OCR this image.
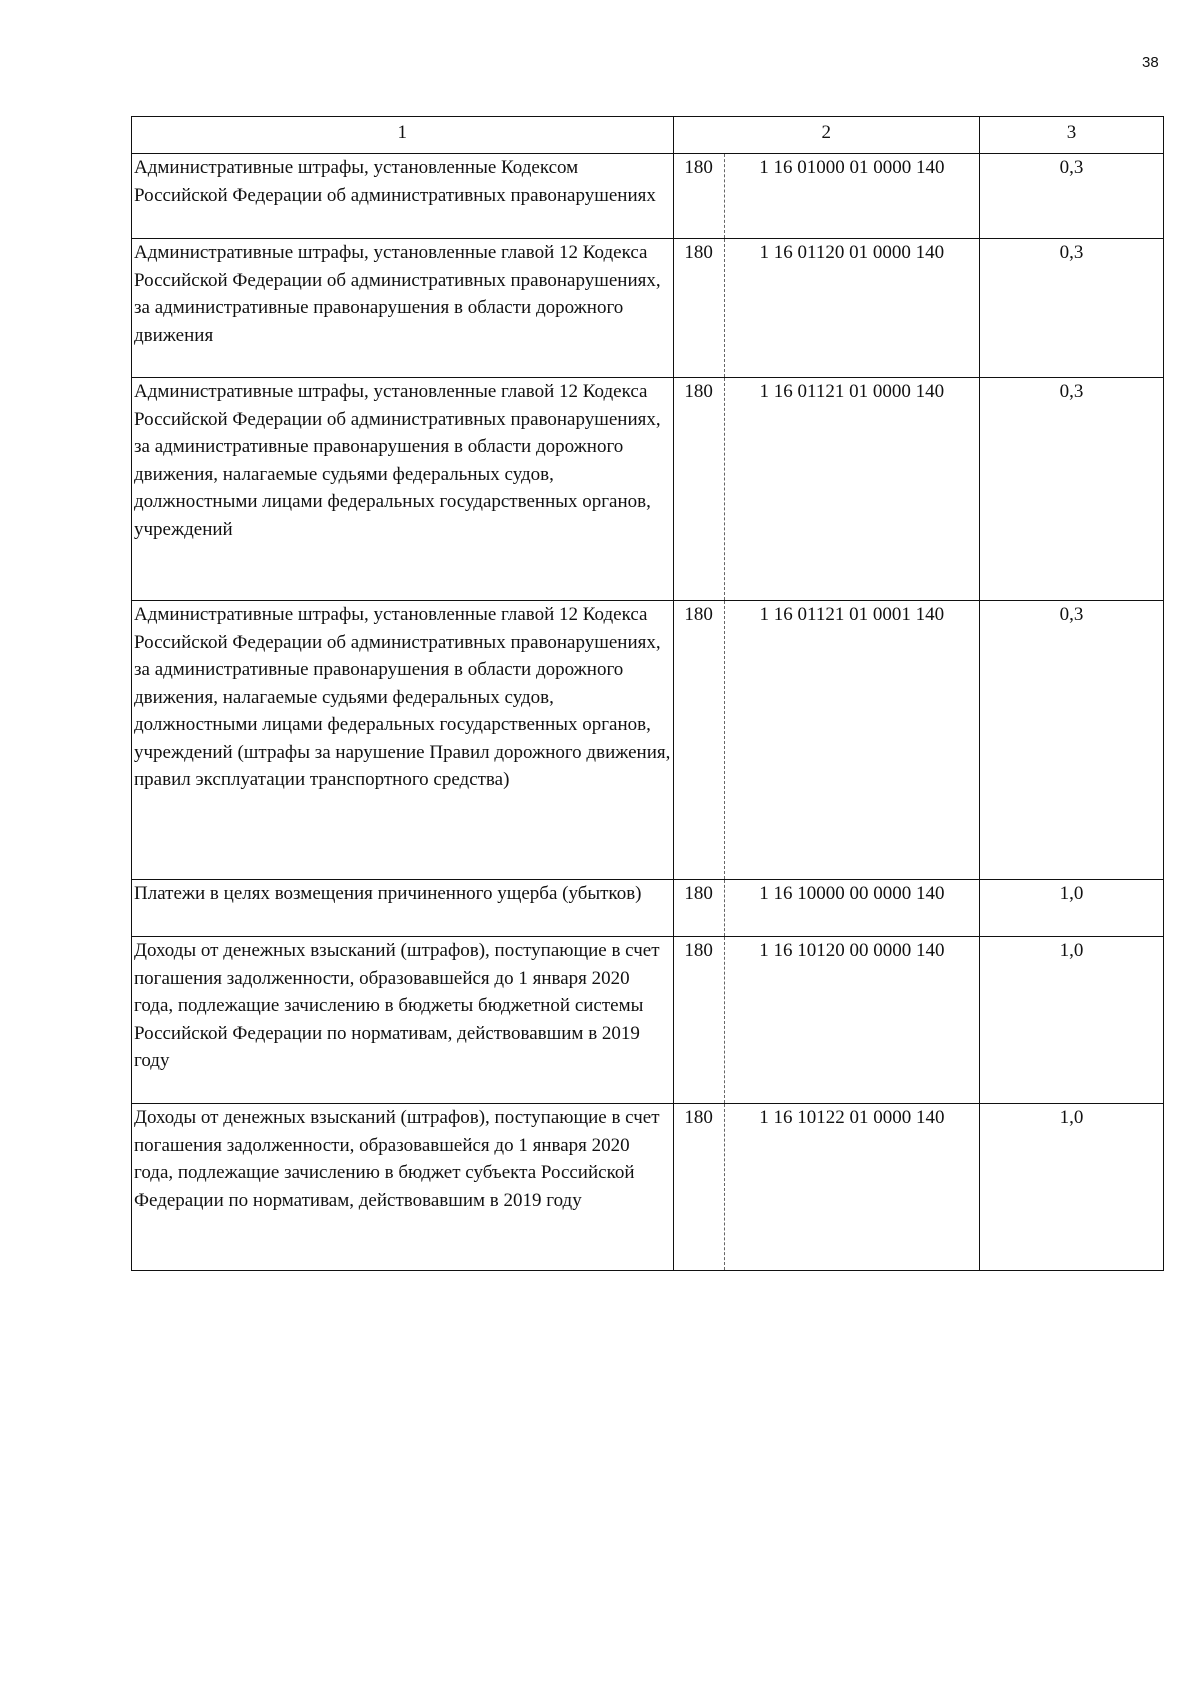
38
1	2		3
Административные штрафы, установленные Кодексом Российской Федерации об административных правонарушениях	180	1 16 01000 01 0000 140	0,3
Административные штрафы, установленные главой 12 Кодекса Российской Федерации об административных правонарушениях, за административные правонарушения в области дорожного движения	180	1 16 01120 01 0000 140	0,3
Административные штрафы, установленные главой 12 Кодекса Российской Федерации об административных правонарушениях, за административные правонарушения в области дорожного движения, налагаемые судьями федеральных судов, должностными лицами федеральных государственных органов, учреждений	180	1 16 01121 01 0000 140	0,3
Административные штрафы, установленные главой 12 Кодекса Российской Федерации об административных правонарушениях, за административные правонарушения в области дорожного движения, налагаемые судьями федеральных судов, должностными лицами федеральных государственных органов, учреждений (штрафы за нарушение Правил дорожного движения, правил эксплуатации транспортного средства)	180	1 16 01121 01 0001 140	0,3
Платежи в целях возмещения причиненного ущерба (убытков)	180	1 16 10000 00 0000 140	1,0
Доходы от денежных взысканий (штрафов), поступающие в счет погашения задолженности, образовавшейся до 1 января 2020 года, подлежащие зачислению в бюджеты бюджетной системы Российской Федерации по нормативам, действовавшим в 2019 году	180	1 16 10120 00 0000 140	1,0
Доходы от денежных взысканий (штрафов), поступающие в счет погашения задолженности, образовавшейся до 1 января 2020 года, подлежащие зачислению в бюджет субъекта Российской Федерации по нормативам, действовавшим в 2019 году	180	1 16 10122 01 0000 140	1,0
